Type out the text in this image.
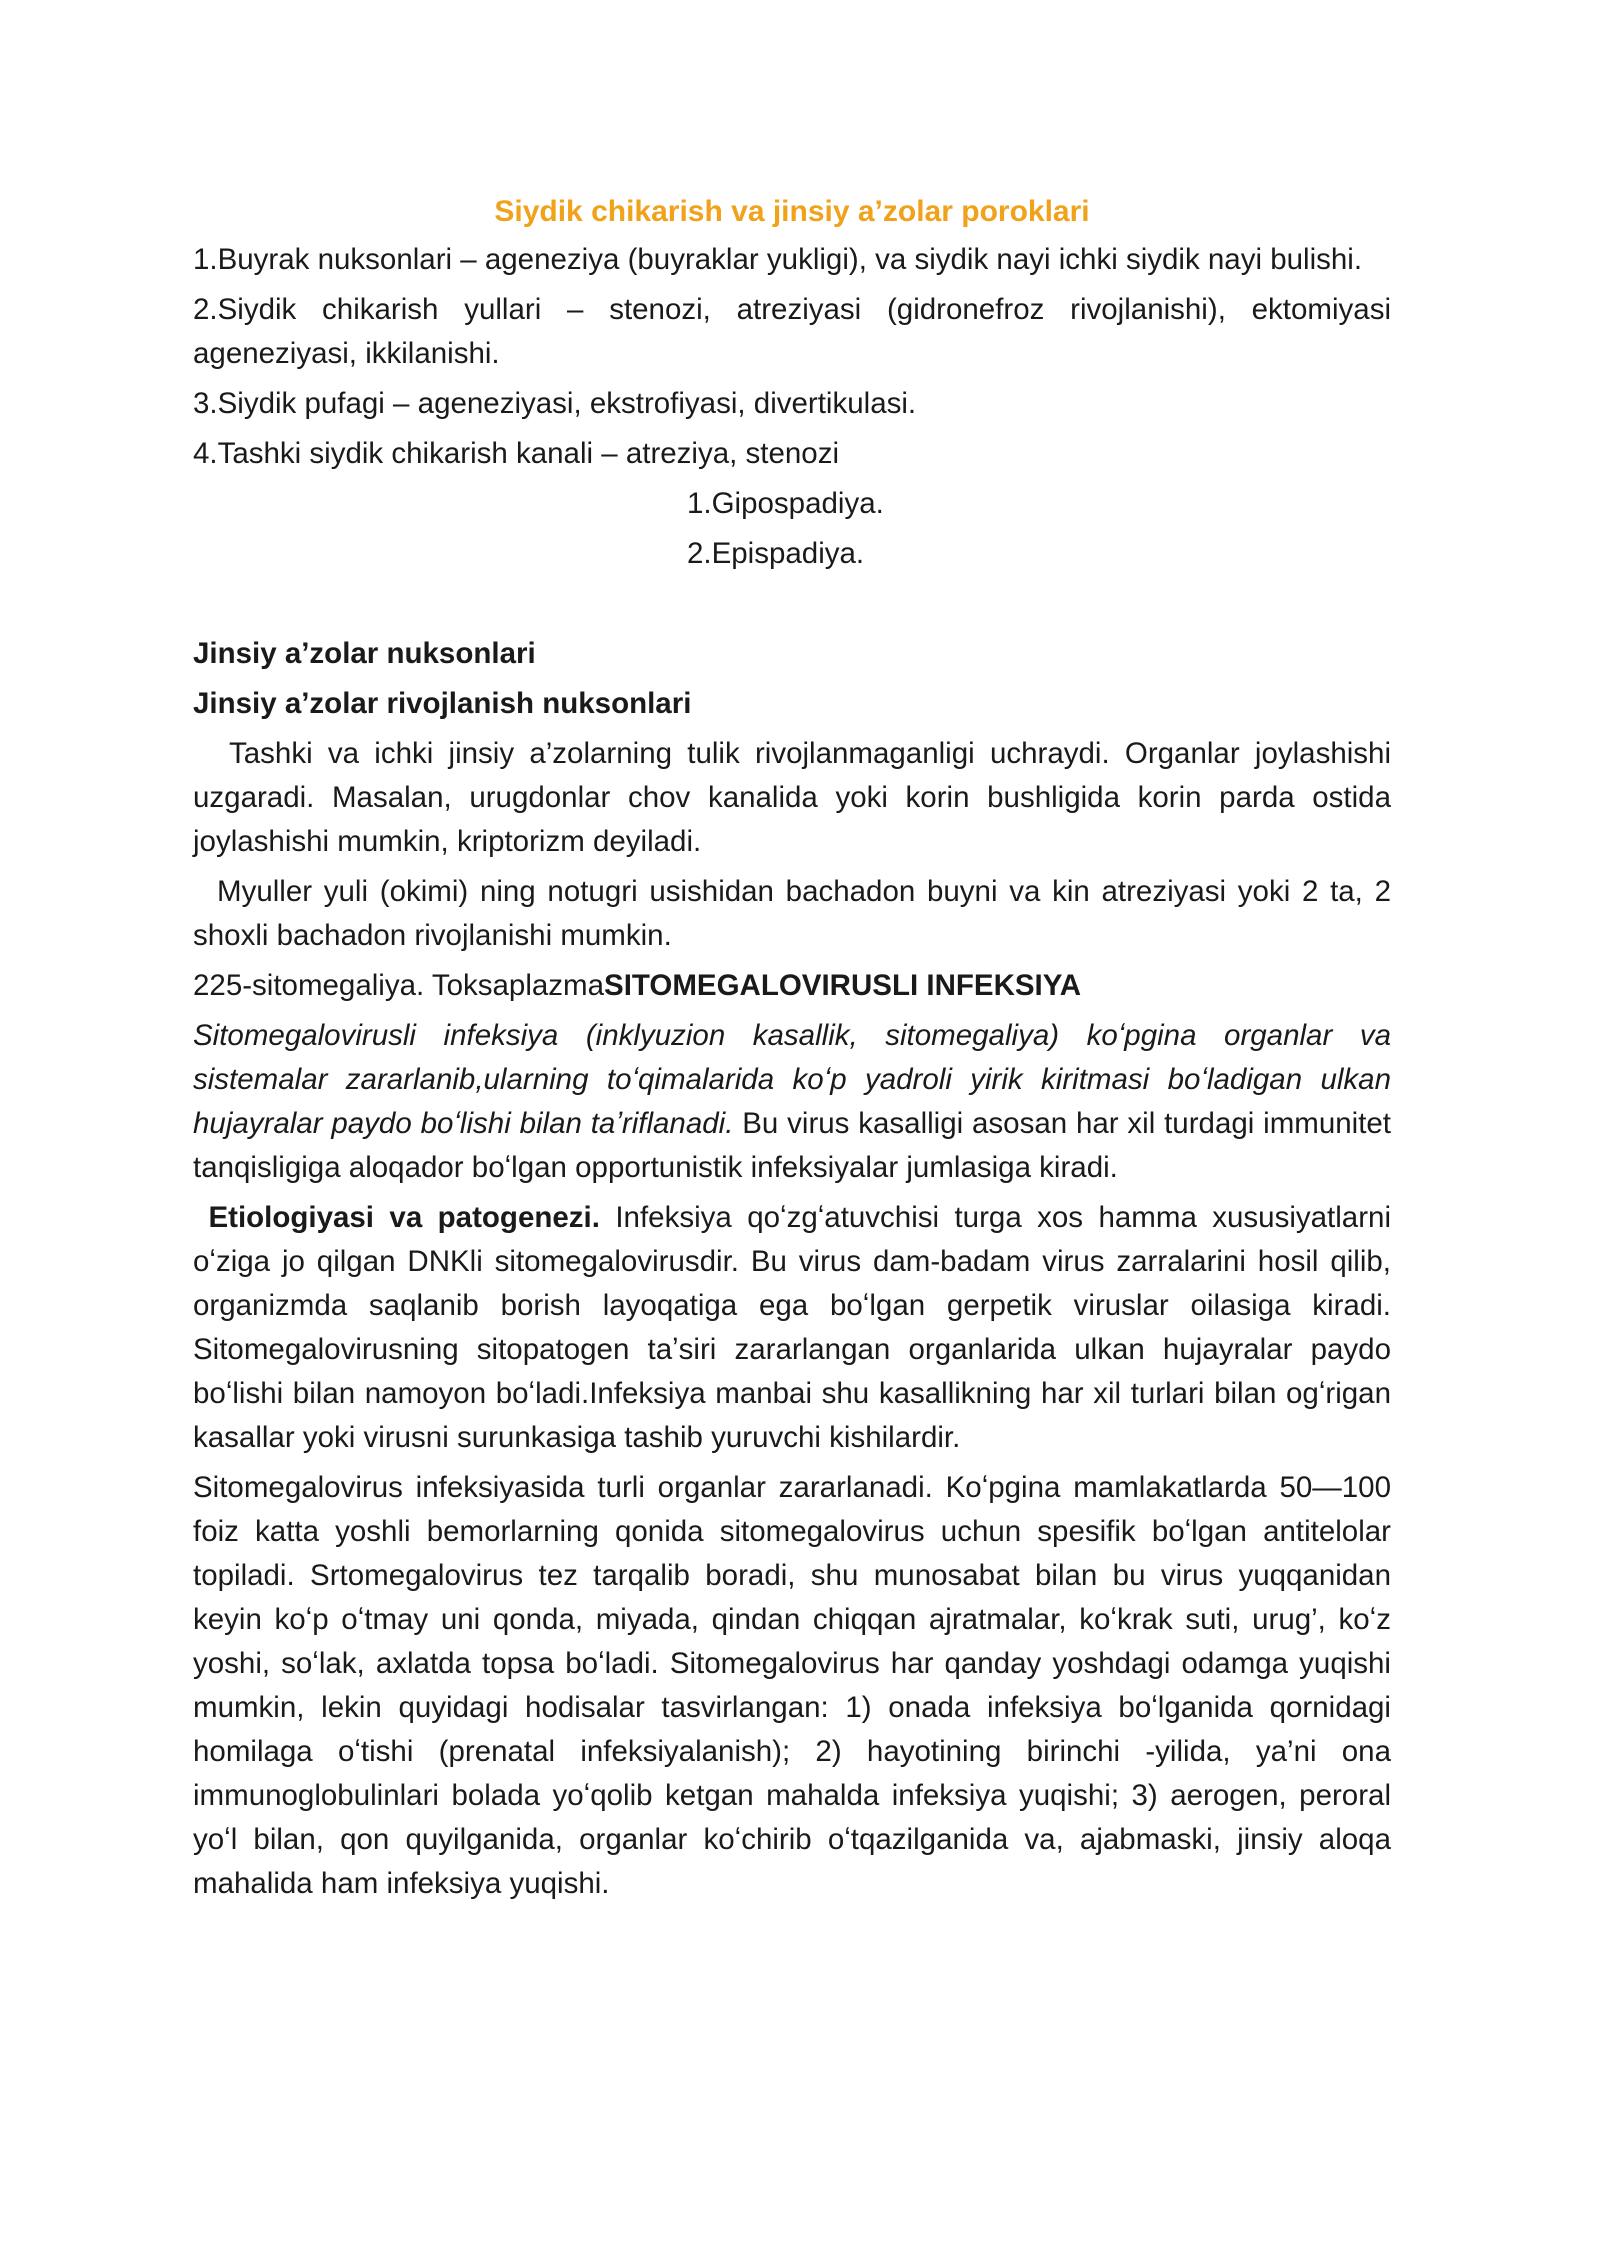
Siydik chikarish va jinsiy a’zolar poroklari

1.Buyrak nuksonlari – ageneziya (buyraklar yukligi), va siydik nayi ichki siydik nayi bulishi.

2.Siydik chikarish yullari – stenozi, atreziyasi (gidronefroz rivojlanishi), ektomiyasi ageneziyasi, ikkilanishi.

3.Siydik pufagi – ageneziyasi, ekstrofiyasi, divertikulasi.

4.Tashki siydik chikarish kanali – atreziya, stenozi

1.Gipospadiya.

2.Epispadiya.

Jinsiy a’zolar nuksonlari

Jinsiy a’zolar rivojlanish nuksonlari

Tashki va ichki jinsiy a’zolarning tulik rivojlanmaganligi uchraydi. Organlar joylashishi uzgaradi. Masalan, urugdonlar chov kanalida yoki korin bushligida korin parda ostida joylashishi mumkin, kriptorizm deyiladi.

Myuller yuli (okimi) ning notugri usishidan bachadon buyni va kin atreziyasi yoki 2 ta, 2 shoxli bachadon rivojlanishi mumkin.

225-sitomegaliya. ToksaplazmaSITOMEGALOVIRUSLI INFEKSIYA

Sitomegalovirusli infeksiya (inklyuzion kasallik, sitomegaliya) koʻpgina organlar va sistemalar zararlanib,ularning toʻqimalarida koʻp yadroli yirik kiritmasi boʻladigan ulkan hujayralar paydo boʻlishi bilan taʼriflanadi. Bu virus kasalligi asosan har xil turdagi immunitet tanqisligiga aloqador boʻlgan opportunistik infeksiyalar jumlasiga kiradi.

Etiologiyasi va patogenezi. Infeksiya qoʻzgʻatuvchisi turga xos hamma xususiyatlarni oʻziga jo qilgan DNKli sitomegalovirusdir. Bu virus dam-badam virus zarralarini hosil qilib, organizmda saqlanib borish layoqatiga ega boʻlgan gerpetik viruslar oilasiga kiradi. Sitomegalovirusning sitopatogen taʼsiri zararlangan organlarida ulkan hujayralar paydo boʻlishi bilan namoyon boʻladi.Infeksiya manbai shu kasallikning har xil turlari bilan ogʻrigan kasallar yoki virusni surunkasiga tashib yuruvchi kishilardir.

Sitomegalovirus infeksiyasida turli organlar zararlanadi. Koʻpgina mamlakatlarda 50—100 foiz katta yoshli bemorlarning qonida sitomegalovirus uchun spesifik boʻlgan antitelolar topiladi. Srtomegalovirus tez tarqalib boradi, shu munosabat bilan bu virus yuqqanidan keyin koʻp oʻtmay uni qonda, miyada, qindan chiqqan ajratmalar, koʻkrak suti, urug’, koʻz yoshi, soʻlak, axlatda topsa boʻladi. Sitomegalovirus har qanday yoshdagi odamga yuqishi mumkin, lekin quyidagi hodisalar tasvirlangan: 1) onada infeksiya boʻlganida qornidagi homilaga oʻtishi (prenatal infeksiyalanish); 2) hayotining birinchi -yilida, ya’ni ona immunoglobulinlari bolada yoʻqolib ketgan mahalda infeksiya yuqishi; 3) aerogen, peroral yoʻl bilan, qon quyilganida, organlar koʻchirib oʻtqazilganida va, ajabmaski, jinsiy aloqa mahalida ham infeksiya yuqishi.
